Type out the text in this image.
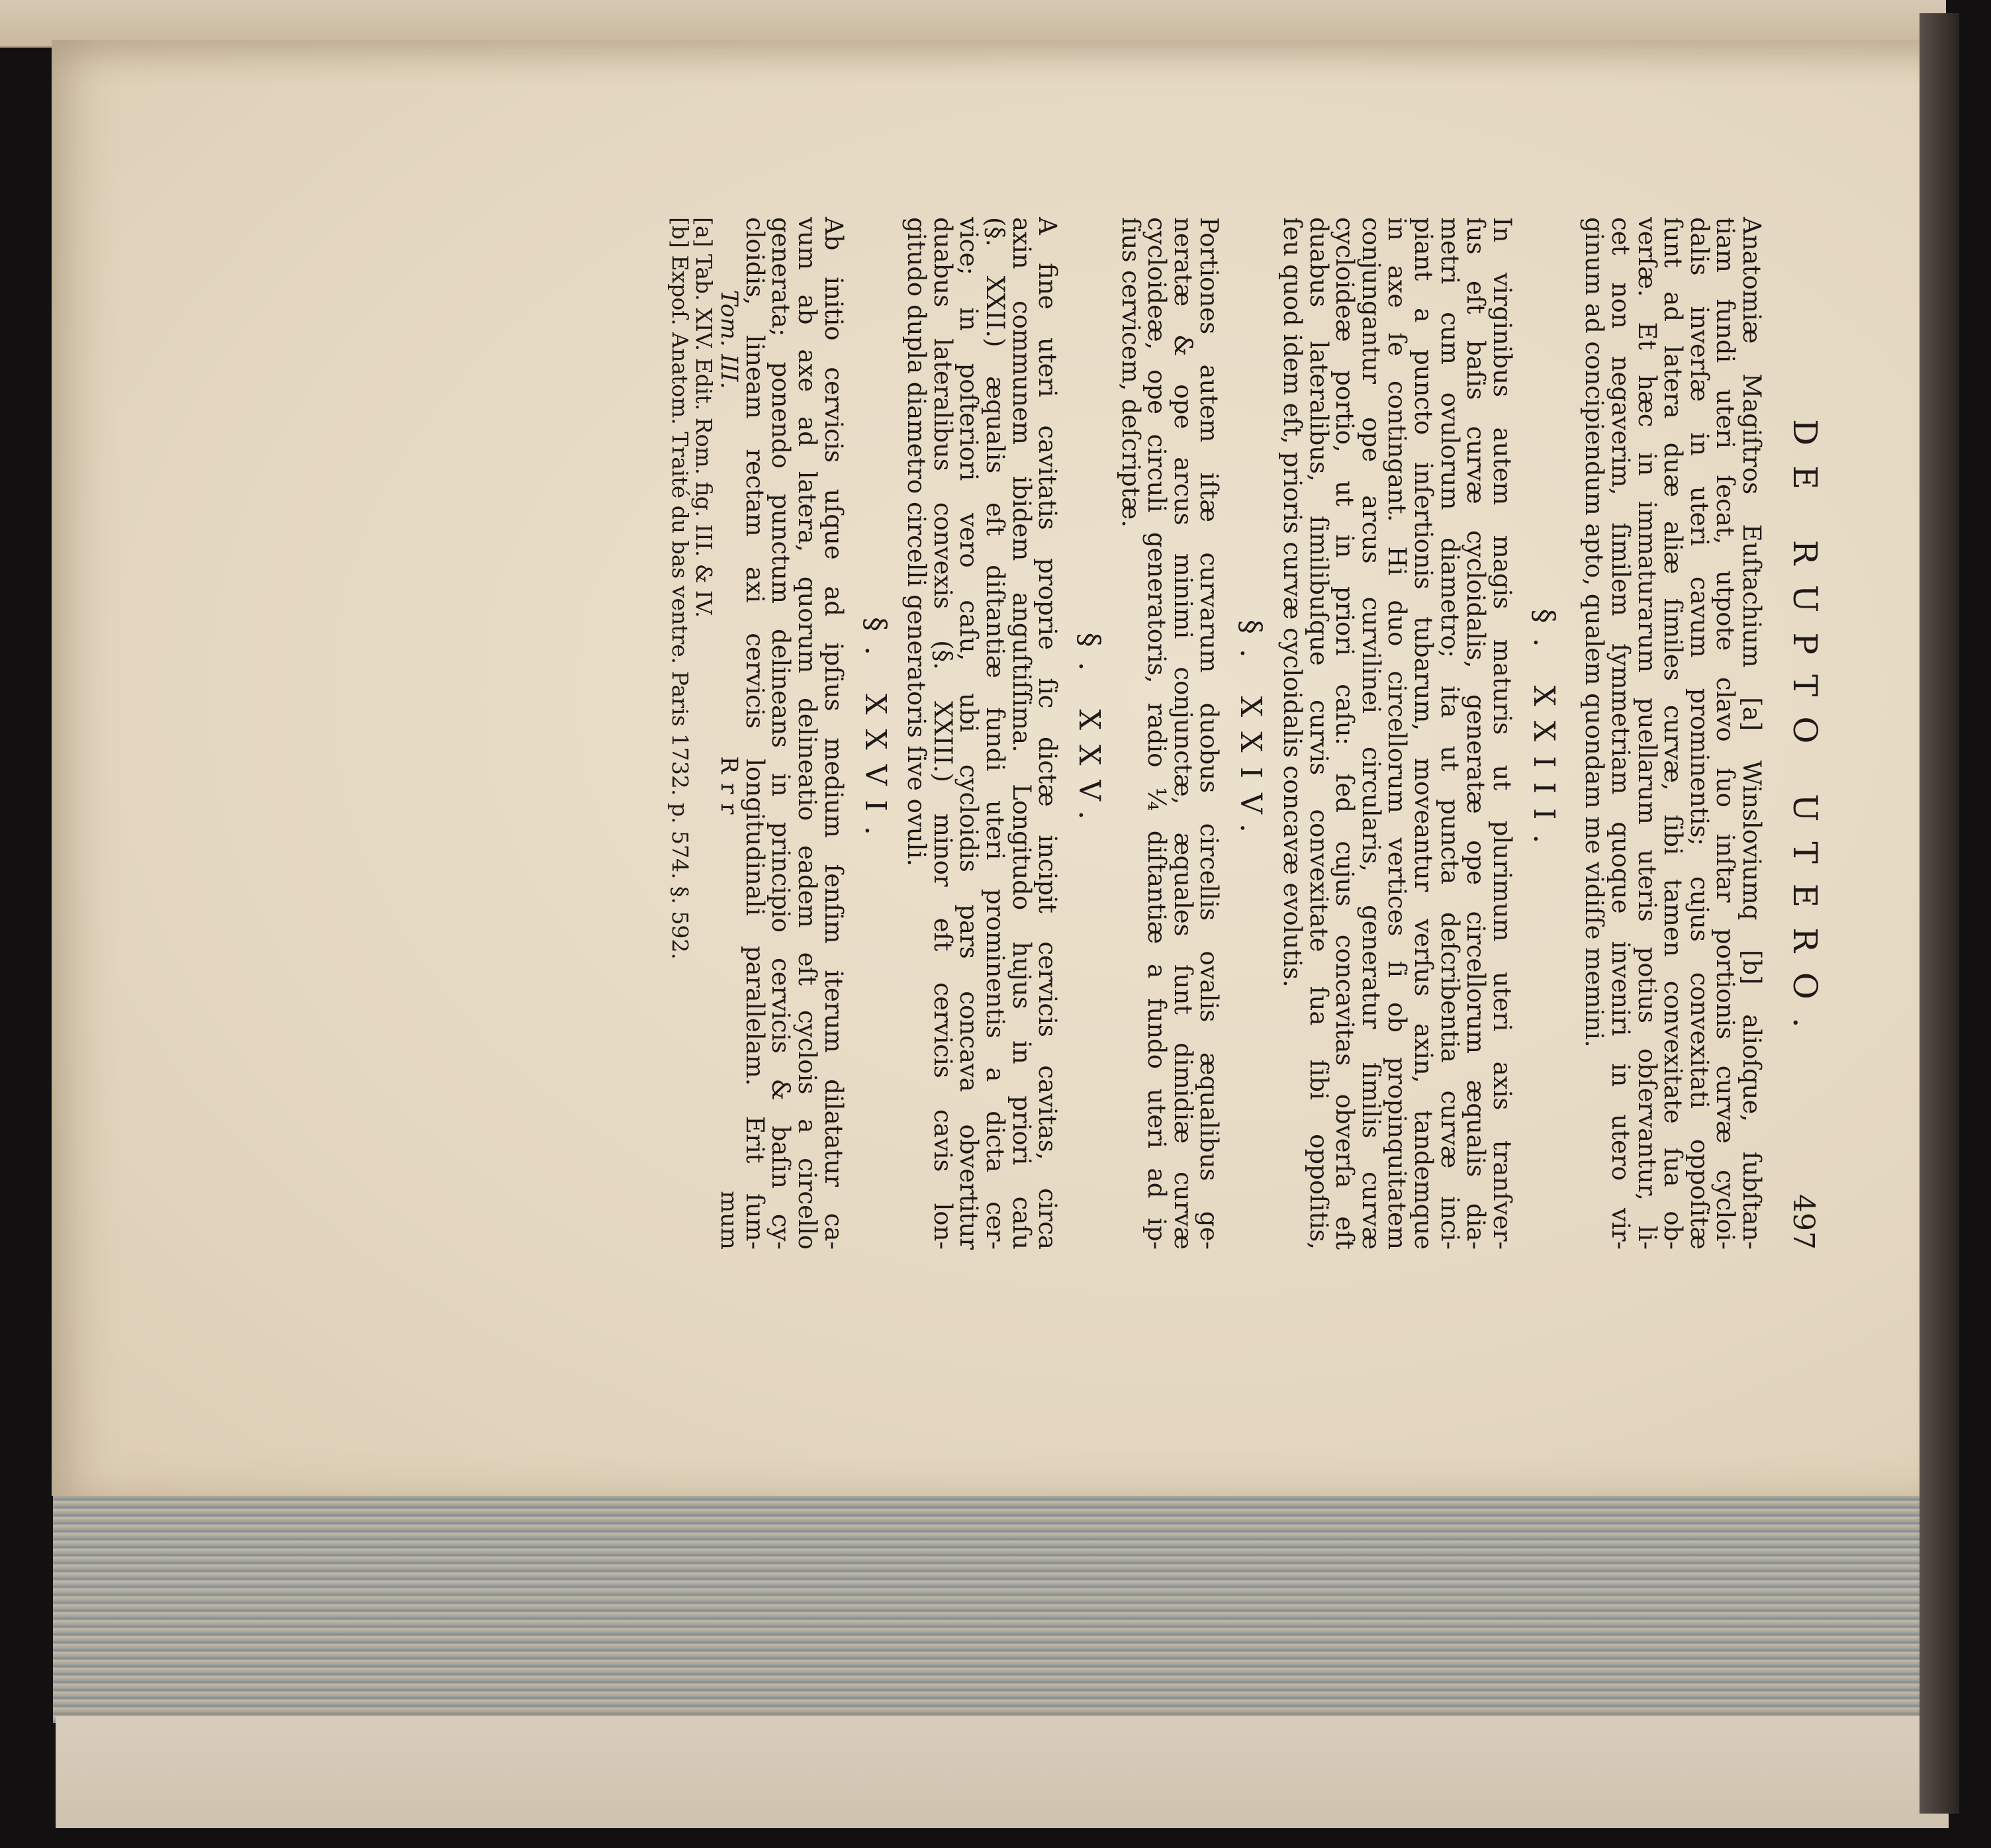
DE RUPTO UTERO.
497
Anatomiæ Magiſtros Euſtachium [a] Winsloviumq [b] alioſque, ſubſtan-
tiam fundi uteri ſecat, utpote clavo ſuo inſtar portionis curvæ cycloi-
dalis inverſæ in uteri cavum prominentis; cujus convexitati oppoſitæ
ſunt ad latera duæ aliæ ſimiles curvæ, ſibi tamen convexitate ſua ob-
verſæ. Et hæc in immaturarum puellarum uteris potius obſervantur, li-
cet non negaverim, ſimilem ſymmetriam quoque inveniri in utero vir-
ginum ad concipiendum apto, qualem quondam me vidiſſe memini.
§. XXIII.
In virginibus autem magis maturis ut plurimum uteri axis tranſver-
ſus eſt baſis curvæ cycloidalis, generatæ ope circellorum æqualis dia-
metri cum ovulorum diametro; ita ut puncta deſcribentia curvæ inci-
piant a puncto inſertionis tubarum, moveantur verſus axin, tandemque
in axe ſe contingant. Hi duo circellorum vertices ſi ob propinquitatem
conjungantur ope arcus curvilinei circularis, generatur ſimilis curvæ
cycloideæ portio, ut in priori caſu: ſed cujus concavitas obverſa eſt
duabus lateralibus, ſimilibuſque curvis convexitate ſua ſibi oppoſitis,
ſeu quod idem eſt, prioris curvæ cycloidalis concavæ evolutis.
§. XXIV.
Portiones autem iſtæ curvarum duobus circellis ovalis æqualibus ge-
neratæ & ope arcus minimi conjunctæ, æquales ſunt dimidiæ curvæ
cycloideæ, ope circuli generatoris, radio ¼ diſtantiæ a fundo uteri ad ip-
ſius cervicem, deſcriptæ.
§. XXV.
A fine uteri cavitatis proprie ſic dictæ incipit cervicis cavitas, circa
axin communem ibidem anguſtiſſima. Longitudo hujus in priori caſu
(§. XXII.) æqualis eſt diſtantiæ fundi uteri prominentis a dicta cer-
vice; in poſteriori vero caſu, ubi cycloidis pars concava obvertitur
duabus lateralibus convexis (§. XXIII.) minor eſt cervicis cavis lon-
gitudo dupla diametro circelli generatoris ſive ovuli.
§. XXVI.
Ab initio cervicis uſque ad ipſius medium ſenſim iterum dilatatur ca-
vum ab axe ad latera, quorum delineatio eadem eſt cyclois a circello
generata; ponendo punctum delineans in principio cervicis & baſin cy-
cloidis, lineam rectam axi cervicis longitudinali parallelam. Erit ſum-
Tom. III.
Rrr
mum
[a] Tab. XIV. Edit. Rom. fig. III. & IV.
[b] Expoſ. Anatom. Traité du bas ventre. Paris 1732. p. 574. §. 592.
